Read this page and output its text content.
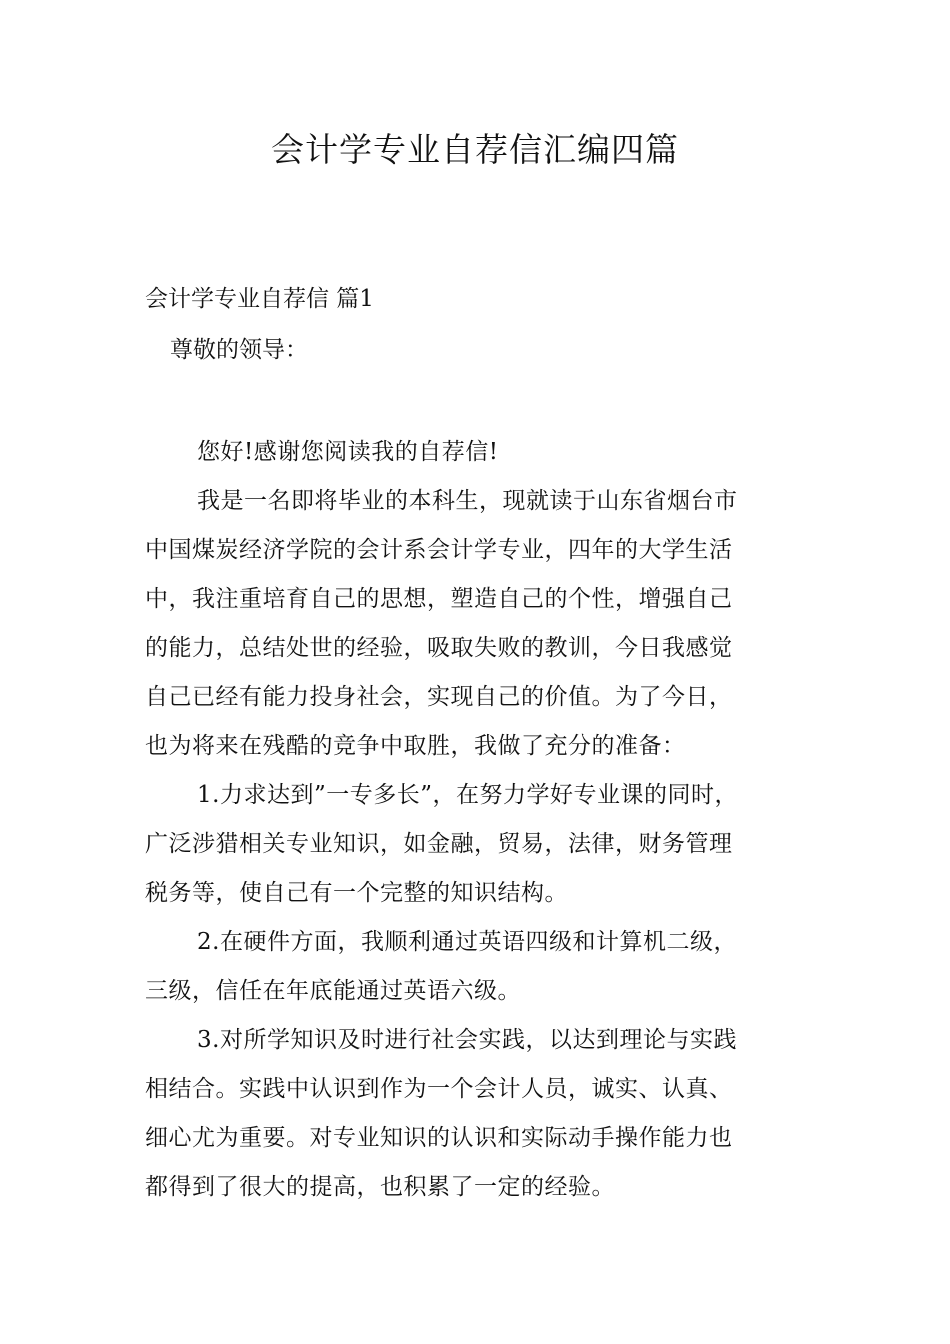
会计学专业自荐信汇编四篇

会计学专业自荐信 篇1

尊敬的领导：

您好!感谢您阅读我的自荐信!

我是一名即将毕业的本科生，现就读于山东省烟台市
中国煤炭经济学院的会计系会计学专业，四年的大学生活
中，我注重培育自己的思想，塑造自己的个性，增强自己
的能力，总结处世的经验，吸取失败的教训，今日我感觉
自己已经有能力投身社会，实现自己的价值。为了今日，
也为将来在残酷的竞争中取胜，我做了充分的准备：

1.力求达到”一专多长”，在努力学好专业课的同时，
广泛涉猎相关专业知识，如金融，贸易，法律，财务管理
税务等，使自己有一个完整的知识结构。

2.在硬件方面，我顺利通过英语四级和计算机二级，
三级，信任在年底能通过英语六级。

3.对所学知识及时进行社会实践，以达到理论与实践
相结合。实践中认识到作为一个会计人员，诚实、认真、
细心尤为重要。对专业知识的认识和实际动手操作能力也
都得到了很大的提高，也积累了一定的经验。
